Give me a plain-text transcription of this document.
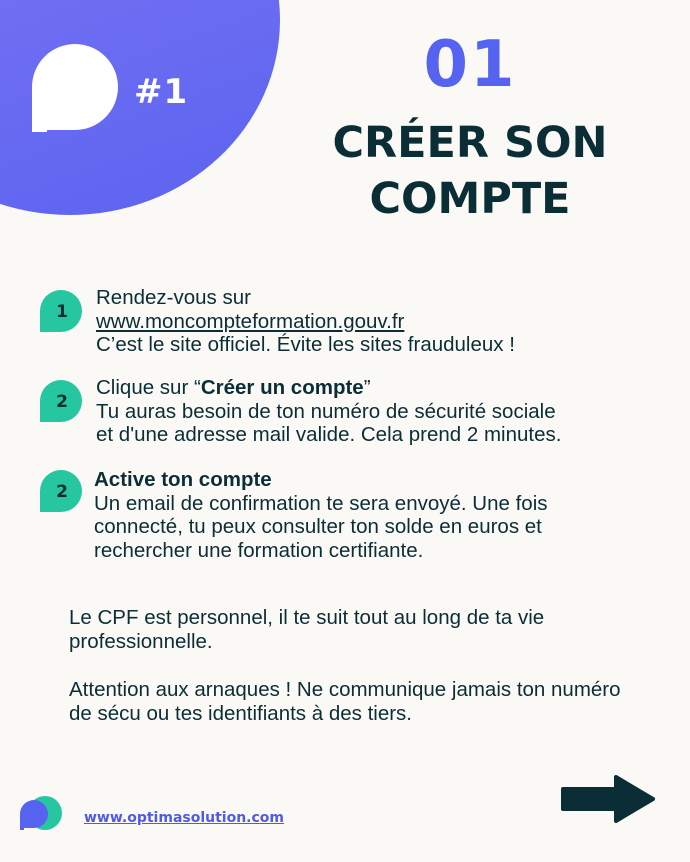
#1	01
CRÉER SON
COMPTE
1
Rendez-vous sur
www.moncompteformation.gouv.fr
C’est le site officiel. Évite les sites frauduleux !
2
Clique sur “Créer un compte”
Tu auras besoin de ton numéro de sécurité sociale
et d'une adresse mail valide. Cela prend 2 minutes.
2
Active ton compte
Un email de confirmation te sera envoyé. Une fois
connecté, tu peux consulter ton solde en euros et
rechercher une formation certifiante.
Le CPF est personnel, il te suit tout au long de ta vie professionnelle.
Attention aux arnaques ! Ne communique jamais ton numéro de sécu ou tes identifiants à des tiers.
www.optimasolution.com
